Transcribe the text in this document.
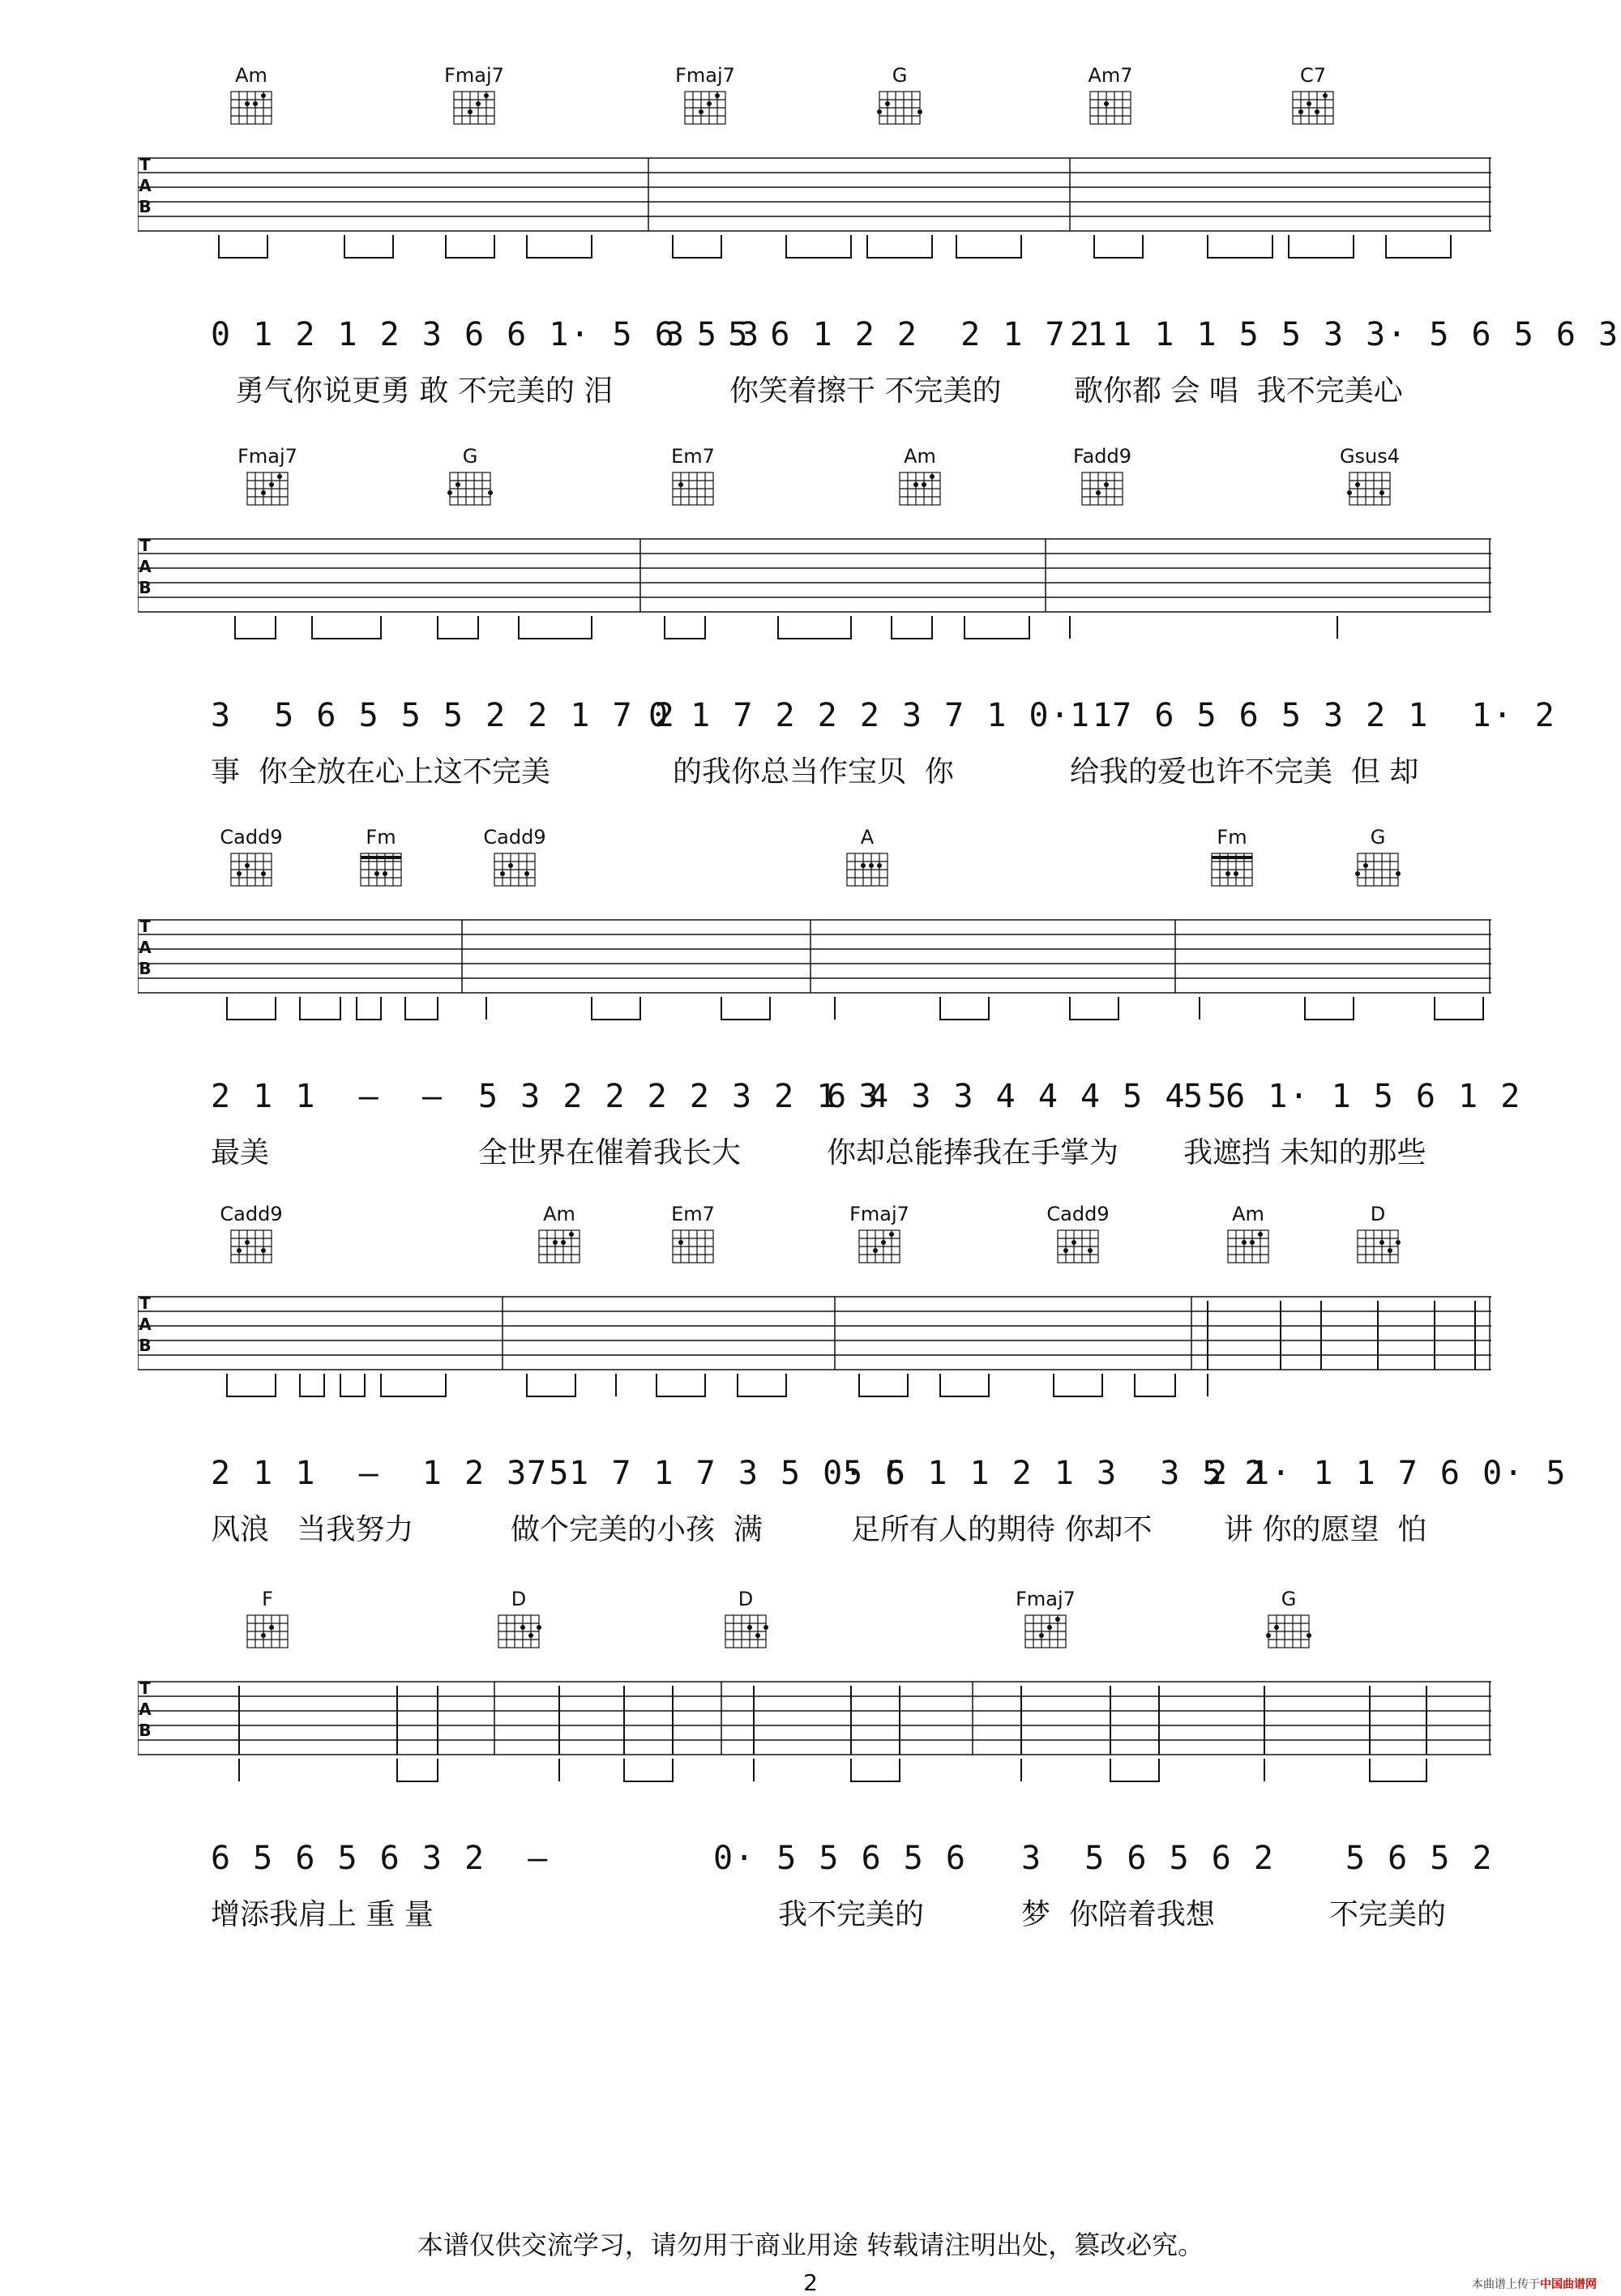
Am	Fmaj7	Fmaj7	G	Am7	C7
T
A
B
0 1 2 1 2 3 6 6 1· 5 6 5 3
3  5 6 1 2 2  2 1 7 1
2 1 1 1 5 5 3 3· 5 6 5 6 3
勇气你说更勇 敢 不完美的 泪	你笑着擦干 不完美的 歌你都 会 唱  我不完美心
Fmaj7	G	Em7	Am	Fadd9	Gsus4
T
A
B
3  5 6 5 5 5 2 2 1 7 2
0 1 7 2 2 2 3 7 1 0· 1
1 7 6 5 6 5 3 2 1  1· 2
事  你全放在心上这不完美	的我你总当作宝贝  你	给我的爱也许不完美  但 却
Cadd9	Fm	Cadd9	A	Fm	G
T
A
B
2 1 1  —  — 5 3 2 2 2 2 3 2 1 3
6 4 3 3 4 4 4 5 4 5
5 6 1· 1 5 6 1 2
最美	全世界在催着我长大	你却总能捧我在手掌为 我遮挡 未知的那些
Cadd9	Am	Em7	Fmaj7	Cadd9	Am	D
T
A
B
2 1 1  —  1 2 3 5
7 1 7 1 7 3 5 0· 5
5 6 1 1 2 1 3  3 5 2
2 1· 1 1 7 6 0· 5
风浪   当我努力	做个完美的小孩  满	足所有人的期待 你却不 讲 你的愿望  怕
F	D	D	Fmaj7	G
T
A
B
6 5 6 5 6 3 2  —	0· 5 5 6 5 6 3  5 6 5 6 2 5 6 5 2
增添我肩上 重 量	我不完美的	梦  你陪着我想	不完美的
本谱仅供交流学习，请勿用于商业用途 转载请注明出处，篡改必究。
2	本曲谱上传于中国曲谱网
